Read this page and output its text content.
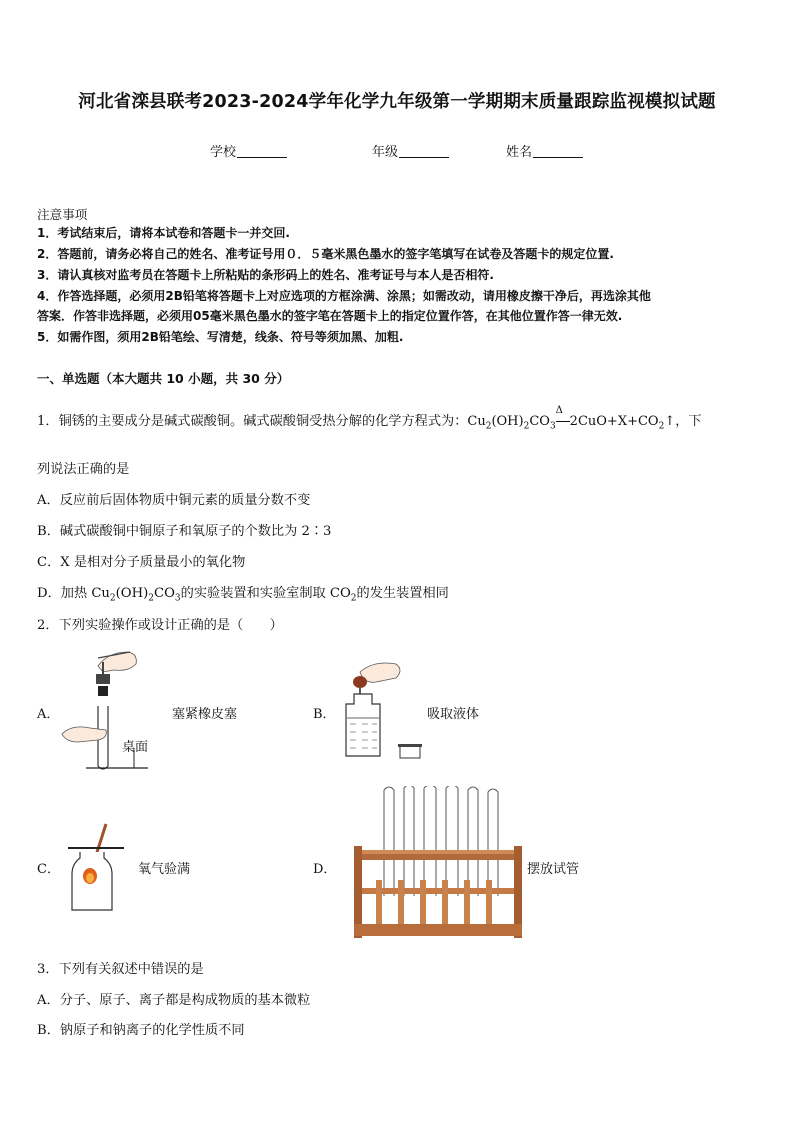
河北省滦县联考2023-2024学年化学九年级第一学期期末质量跟踪监视模拟试题
学校	年级	姓名
注意事项
1．考试结束后，请将本试卷和答题卡一并交回.
2．答题前，请务必将自己的姓名、准考证号用０．５毫米黑色墨水的签字笔填写在试卷及答题卡的规定位置.
3．请认真核对监考员在答题卡上所粘贴的条形码上的姓名、准考证号与本人是否相符.
4．作答选择题，必须用2B铅笔将答题卡上对应选项的方框涂满、涂黑；如需改动，请用橡皮擦干净后，再选涂其他
答案．作答非选择题，必须用05毫米黑色墨水的签字笔在答题卡上的指定位置作答，在其他位置作答一律无效.
5．如需作图，须用2B铅笔绘、写清楚，线条、符号等须加黑、加粗.
一、单选题（本大题共 10 小题，共 30 分）
1．铜锈的主要成分是碱式碳酸铜。碱式碳酸铜受热分解的化学方程式为：$Cu_2(OH)_2CO_3$
Δ
$2CuO+X+CO_2↑$，下
列说法正确的是
A．反应前后固体物质中铜元素的质量分数不变
B．碱式碳酸铜中铜原子和氧原子的个数比为 2∶3
C．X 是相对分子质量最小的氧化物
D．加热 $Cu_2(OH)_2CO_3$的实验装置和实验室制取 $CO_2$的发生装置相同
2．下列实验操作或设计正确的是（　　）
A．
桌面
塞紧橡皮塞	B．	吸取液体
C．	氧气验满	D．	摆放试管
3．下列有关叙述中错误的是
A．分子、原子、离子都是构成物质的基本微粒
B．钠原子和钠离子的化学性质不同
